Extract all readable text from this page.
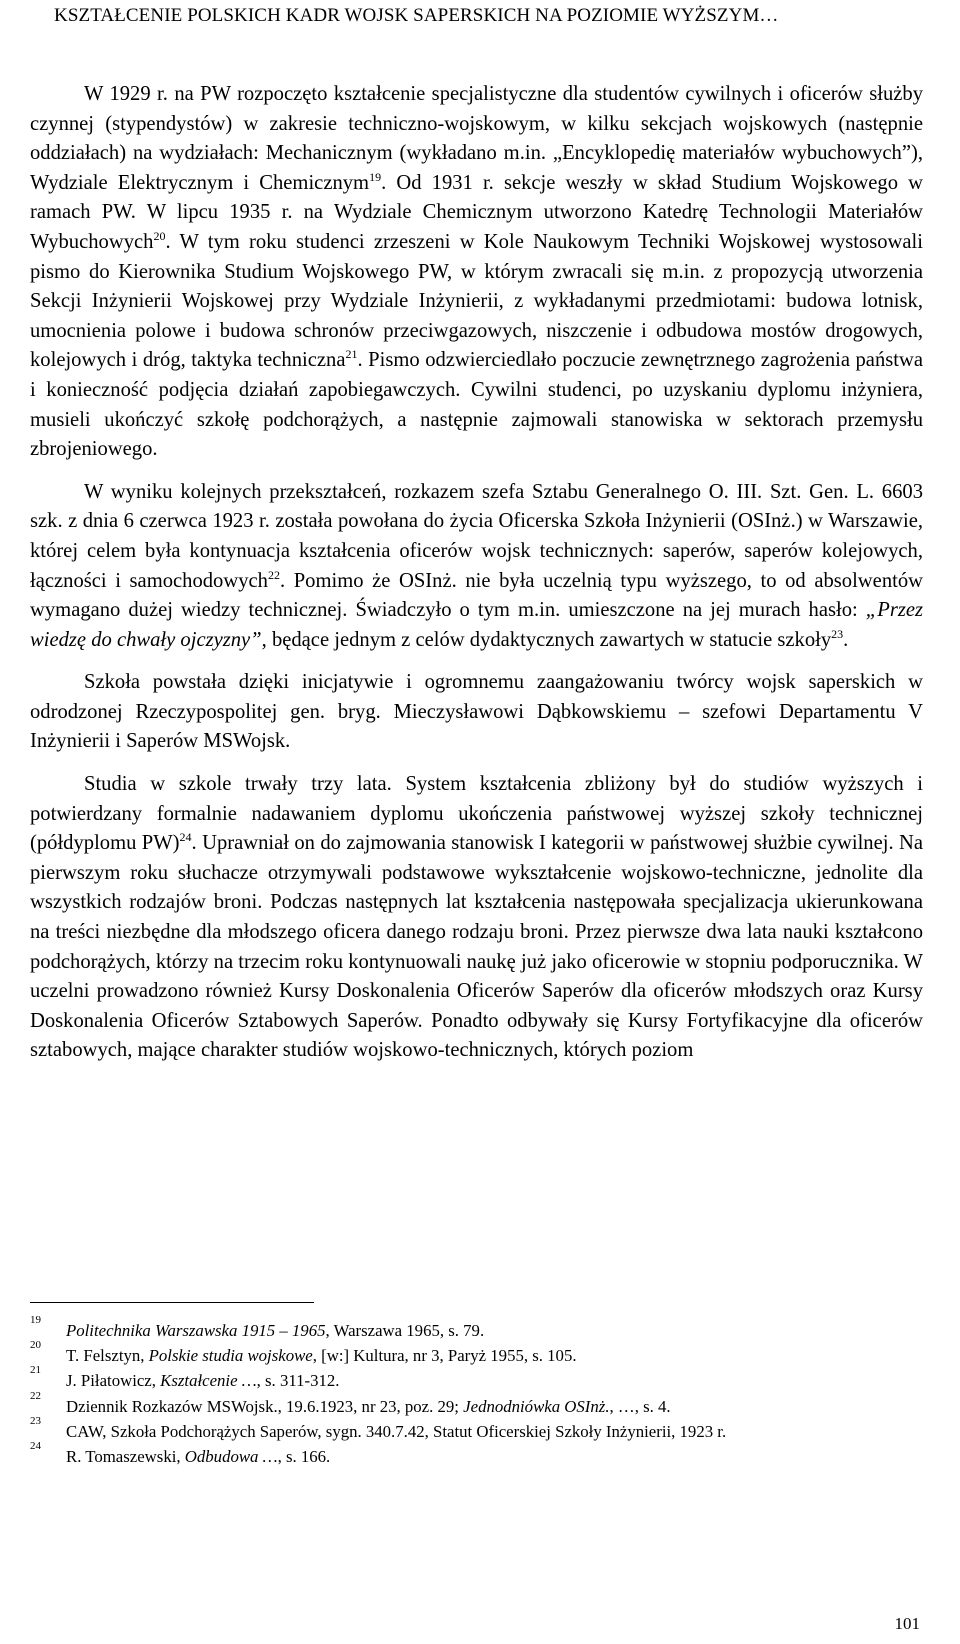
KSZTAŁCENIE POLSKICH KADR WOJSK SAPERSKICH NA POZIOMIE WYŻSZYM…

W 1929 r. na PW rozpoczęto kształcenie specjalistyczne dla studentów cywilnych i oficerów służby czynnej (stypendystów) w zakresie techniczno-wojskowym, w kilku sekcjach wojskowych (następnie oddziałach) na wydziałach: Mechanicznym (wykładano m.in. „Encyklopedię materiałów wybuchowych”), Wydziale Elektrycznym i Chemicznym$^{19}$. Od 1931 r. sekcje weszły w skład Studium Wojskowego w ramach PW. W lipcu 1935 r. na Wydziale Chemicznym utworzono Katedrę Technologii Materiałów Wybuchowych$^{20}$. W tym roku studenci zrzeszeni w Kole Naukowym Techniki Wojskowej wystosowali pismo do Kierownika Studium Wojskowego PW, w którym zwracali się m.in. z propozycją utworzenia Sekcji Inżynierii Wojskowej przy Wydziale Inżynierii, z wykładanymi przedmiotami: budowa lotnisk, umocnienia polowe i budowa schronów przeciwgazowych, niszczenie i odbudowa mostów drogowych, kolejowych i dróg, taktyka techniczna$^{21}$. Pismo odzwierciedlało poczucie zewnętrznego zagrożenia państwa i konieczność podjęcia działań zapobiegawczych. Cywilni studenci, po uzyskaniu dyplomu inżyniera, musieli ukończyć szkołę podchorążych, a następnie zajmowali stanowiska w sektorach przemysłu zbrojeniowego.

W wyniku kolejnych przekształceń, rozkazem szefa Sztabu Generalnego O. III. Szt. Gen. L. 6603 szk. z dnia 6 czerwca 1923 r. została powołana do życia Oficerska Szkoła Inżynierii (OSInż.) w Warszawie, której celem była kontynuacja kształcenia oficerów wojsk technicznych: saperów, saperów kolejowych, łączności i samochodowych$^{22}$. Pomimo że OSInż. nie była uczelnią typu wyższego, to od absolwentów wymagano dużej wiedzy technicznej. Świadczyło o tym m.in. umieszczone na jej murach hasło: „Przez wiedzę do chwały ojczyzny”, będące jednym z celów dydaktycznych zawartych w statucie szkoły$^{23}$.

Szkoła powstała dzięki inicjatywie i ogromnemu zaangażowaniu twórcy wojsk saperskich w odrodzonej Rzeczypospolitej gen. bryg. Mieczysławowi Dąbkowskiemu – szefowi Departamentu V Inżynierii i Saperów MSWojsk.

Studia w szkole trwały trzy lata. System kształcenia zbliżony był do studiów wyższych i potwierdzany formalnie nadawaniem dyplomu ukończenia państwowej wyższej szkoły technicznej (półdyplomu PW)$^{24}$. Uprawniał on do zajmowania stanowisk I kategorii w państwowej służbie cywilnej. Na pierwszym roku słuchacze otrzymywali podstawowe wykształcenie wojskowo-techniczne, jednolite dla wszystkich rodzajów broni. Podczas następnych lat kształcenia następowała specjalizacja ukierunkowana na treści niezbędne dla młodszego oficera danego rodzaju broni. Przez pierwsze dwa lata nauki kształcono podchorążych, którzy na trzecim roku kontynuowali naukę już jako oficerowie w stopniu podporucznika. W uczelni prowadzono również Kursy Doskonalenia Oficerów Saperów dla oficerów młodszych oraz Kursy Doskonalenia Oficerów Sztabowych Saperów. Ponadto odbywały się Kursy Fortyfikacyjne dla oficerów sztabowych, mające charakter studiów wojskowo-technicznych, których poziom

19
Politechnika Warszawska 1915 – 1965, Warszawa 1965, s. 79.
20
T. Felsztyn, Polskie studia wojskowe, [w:] Kultura, nr 3, Paryż 1955, s. 105.
21
J. Piłatowicz, Kształcenie …, s. 311-312.
22
Dziennik Rozkazów MSWojsk., 19.6.1923, nr 23, poz. 29; Jednodniówka OSInż., …, s. 4.
23
CAW, Szkoła Podchorążych Saperów, sygn. 340.7.42, Statut Oficerskiej Szkoły Inżynierii, 1923 r.
24
R. Tomaszewski, Odbudowa …, s. 166.
101
